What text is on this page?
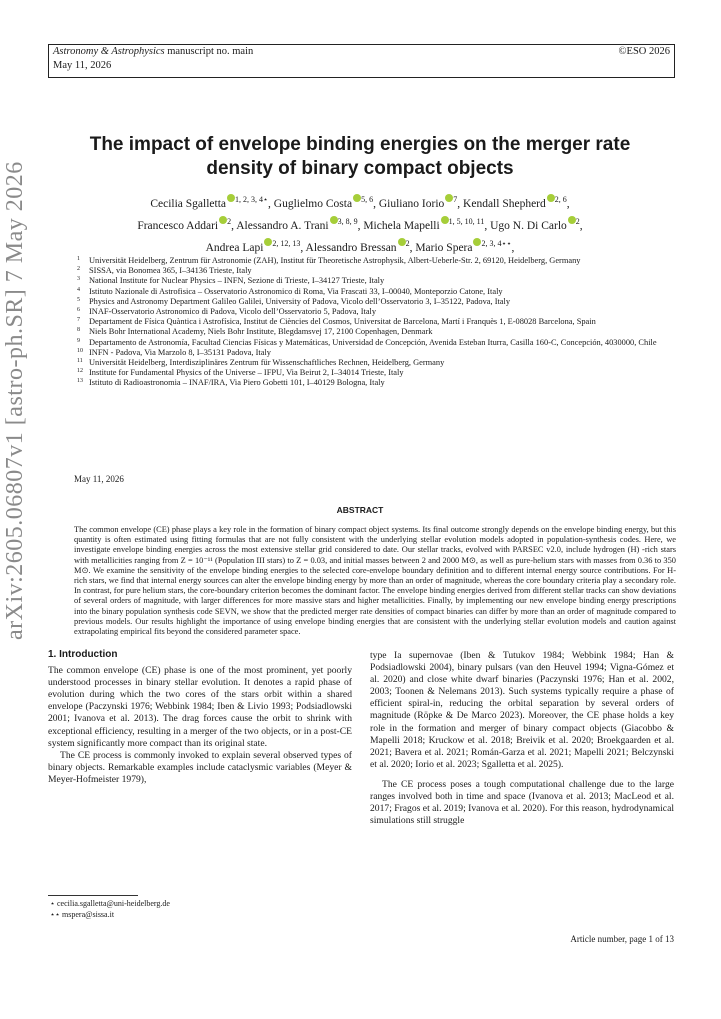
Astronomy & Astrophysics manuscript no. main
May 11, 2026
©ESO 2026
arXiv:2605.06807v1 [astro-ph.SR] 7 May 2026
The impact of envelope binding energies on the merger rate
density of binary compact objects
Cecilia Sgalletta $^{1, 2, 3, 4⋆}$, Guglielmo Costa $^{5, 6}$, Giuliano Iorio $^7$, Kendall Shepherd $^{2, 6}$,
Francesco Addari $^2$, Alessandro A. Trani $^{3, 8, 9}$, Michela Mapelli $^{1, 5, 10, 11}$, Ugo N. Di Carlo $^2$,
Andrea Lapi $^{2, 12, 13}$, Alessandro Bressan $^2$, Mario Spera $^{2, 3, 4⋆⋆}$,
1 Universität Heidelberg, Zentrum für Astronomie (ZAH), Institut für Theoretische Astrophysik, Albert-Ueberle-Str. 2, 69120, Heidelberg, Germany
2 SISSA, via Bonomea 365, I–34136 Trieste, Italy
3 National Institute for Nuclear Physics – INFN, Sezione di Trieste, I–34127 Trieste, Italy
4 Istituto Nazionale di Astrofisica – Osservatorio Astronomico di Roma, Via Frascati 33, I–00040, Monteporzio Catone, Italy
5 Physics and Astronomy Department Galileo Galilei, University of Padova, Vicolo dell’Osservatorio 3, I–35122, Padova, Italy
6 INAF-Osservatorio Astronomico di Padova, Vicolo dell’Osservatorio 5, Padova, Italy
7 Departament de Física Quàntica i Astrofísica, Institut de Ciències del Cosmos, Universitat de Barcelona, Martí i Franquès 1, E-08028 Barcelona, Spain
8 Niels Bohr International Academy, Niels Bohr Institute, Blegdamsvej 17, 2100 Copenhagen, Denmark
9 Departamento de Astronomía, Facultad Ciencias Físicas y Matemáticas, Universidad de Concepción, Avenida Esteban Iturra, Casilla 160-C, Concepción, 4030000, Chile
10 INFN - Padova, Via Marzolo 8, I–35131 Padova, Italy
11 Universität Heidelberg, Interdisziplinäres Zentrum für Wissenschaftliches Rechnen, Heidelberg, Germany
12 Institute for Fundamental Physics of the Universe – IFPU, Via Beirut 2, I–34014 Trieste, Italy
13 Istituto di Radioastronomia – INAF/IRA, Via Piero Gobetti 101, I–40129 Bologna, Italy
May 11, 2026
ABSTRACT
The common envelope (CE) phase plays a key role in the formation of binary compact object systems. Its final outcome strongly depends on the envelope binding energy, but this quantity is often estimated using fitting formulas that are not fully consistent with the underlying stellar evolution models adopted in population-synthesis codes. Here, we investigate envelope binding energies across the most extensive stellar grid considered to date. Our stellar tracks, evolved with PARSEC v2.0, include hydrogen (H) -rich stars with metallicities ranging from Z = 10⁻¹¹ (Population III stars) to Z = 0.03, and initial masses between 2 and 2000 M⊙, as well as pure-helium stars with masses from 0.36 to 350 M⊙. We examine the sensitivity of the envelope binding energies to the selected core-envelope boundary definition and to different internal energy source contributions. For H-rich stars, we find that internal energy sources can alter the envelope binding energy by more than an order of magnitude, whereas the core boundary criteria play a secondary role. In contrast, for pure helium stars, the core-boundary criterion becomes the dominant factor. The envelope binding energies derived from different stellar tracks can show deviations of several orders of magnitude, with larger differences for more massive stars and higher metallicities. Finally, by implementing our new envelope binding energy prescriptions into the binary population synthesis code SEVN, we show that the predicted merger rate densities of compact binaries can differ by more than an order of magnitude compared to previous models. Our results highlight the importance of using envelope binding energies that are consistent with the underlying stellar evolution models and caution against extrapolating empirical fits beyond the considered parameter space.
1. Introduction

The common envelope (CE) phase is one of the most prominent, yet poorly understood processes in binary stellar evolution. It denotes a rapid phase of evolution during which the two cores of the stars orbit within a shared envelope (Paczynski 1976; Webbink 1984; Iben & Livio 1993; Podsiadlowski 2001; Ivanova et al. 2013). The drag forces cause the orbit to shrink with exceptional efficiency, resulting in a merger of the two objects, or in a post-CE system significantly more compact than its original state.

The CE process is commonly invoked to explain several observed types of binary objects. Remarkable examples include cataclysmic variables (Meyer & Meyer-Hofmeister 1979),

type Ia supernovae (Iben & Tutukov 1984; Webbink 1984; Han & Podsiadlowski 2004), binary pulsars (van den Heuvel 1994; Vigna-Gómez et al. 2020) and close white dwarf binaries (Paczynski 1976; Han et al. 2002, 2003; Toonen & Nelemans 2013). Such systems typically require a phase of efficient spiral-in, reducing the orbital separation by several orders of magnitude (Röpke & De Marco 2023). Moreover, the CE phase holds a key role in the formation and merger of binary compact objects (Giacobbo & Mapelli 2018; Kruckow et al. 2018; Breivik et al. 2020; Broekgaarden et al. 2021; Bavera et al. 2021; Román-Garza et al. 2021; Mapelli 2021; Belczynski et al. 2020; Iorio et al. 2023; Sgalletta et al. 2025).

The CE process poses a tough computational challenge due to the large ranges involved both in time and space (Ivanova et al. 2013; MacLeod et al. 2017; Fragos et al. 2019; Ivanova et al. 2020). For this reason, hydrodynamical simulations still struggle

⋆ cecilia.sgalletta@uni-heidelberg.de
⋆⋆ mspera@sissa.it
Article number, page 1 of 13
